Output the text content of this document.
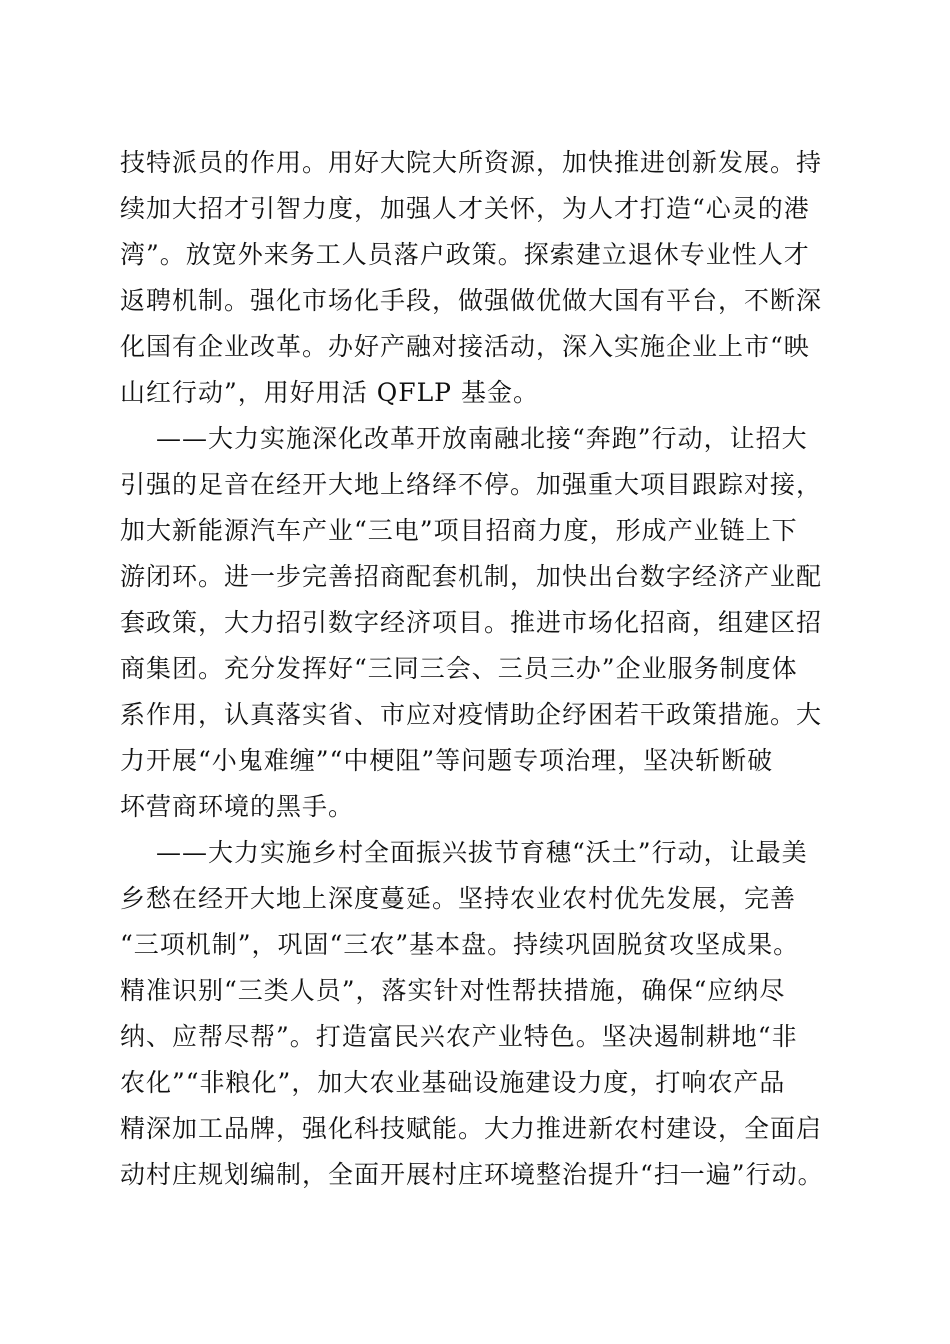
技特派员的作用。用好大院大所资源，加快推进创新发展。持
续加大招才引智力度，加强人才关怀，为人才打造“心灵的港
湾”。放宽外来务工人员落户政策。探索建立退休专业性人才
返聘机制。强化市场化手段，做强做优做大国有平台，不断深
化国有企业改革。办好产融对接活动，深入实施企业上市“映
山红行动”，用好用活 QFLP 基金。
——大力实施深化改革开放南融北接“奔跑”行动，让招大
引强的足音在经开大地上络绎不停。加强重大项目跟踪对接，
加大新能源汽车产业“三电”项目招商力度，形成产业链上下
游闭环。进一步完善招商配套机制，加快出台数字经济产业配
套政策，大力招引数字经济项目。推进市场化招商，组建区招
商集团。充分发挥好“三同三会、三员三办”企业服务制度体
系作用，认真落实省、市应对疫情助企纾困若干政策措施。大
力开展“小鬼难缠”“中梗阻”等问题专项治理，坚决斩断破
坏营商环境的黑手。
——大力实施乡村全面振兴拔节育穗“沃土”行动，让最美
乡愁在经开大地上深度蔓延。坚持农业农村优先发展，完善
“三项机制”，巩固“三农”基本盘。持续巩固脱贫攻坚成果。
精准识别“三类人员”，落实针对性帮扶措施，确保“应纳尽
纳、应帮尽帮”。打造富民兴农产业特色。坚决遏制耕地“非
农化”“非粮化”，加大农业基础设施建设力度，打响农产品
精深加工品牌，强化科技赋能。大力推进新农村建设，全面启
动村庄规划编制，全面开展村庄环境整治提升“扫一遍”行动。
